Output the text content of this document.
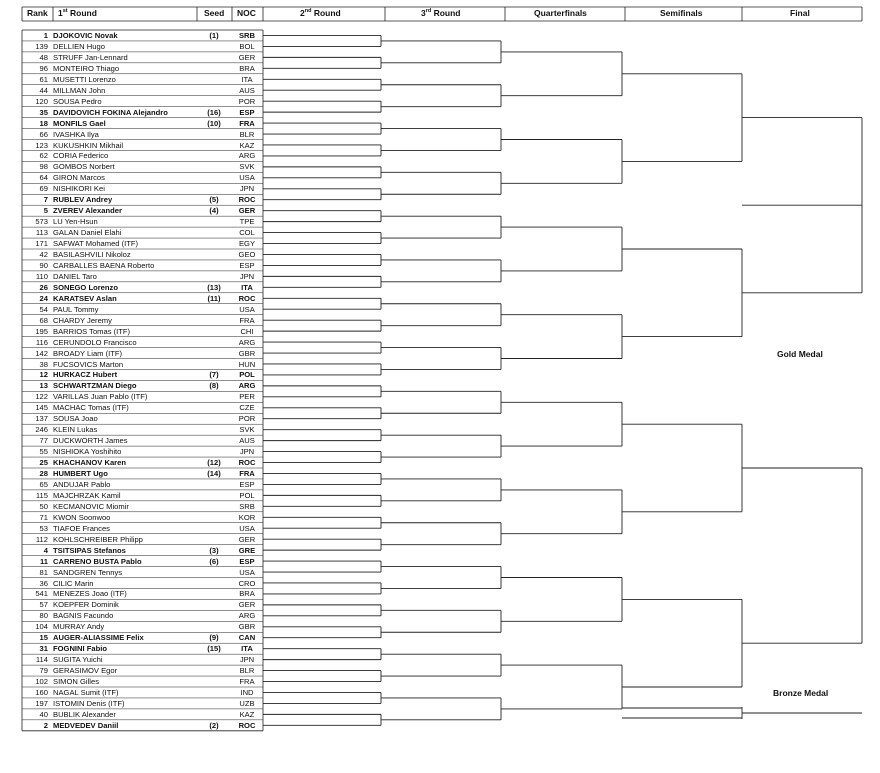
Rank 1st Round	Seed NOC	2nd Round	3rd Round	Quarterfinals	Semifinals	Final
1 DJOKOVIC Novak	(1)	SRB
139 DELLIEN Hugo	BOL
48 STRUFF Jan-Lennard	GER
96 MONTEIRO Thiago	BRA
61 MUSETTI Lorenzo	ITA
44 MILLMAN John	AUS
120 SOUSA Pedro	POR
35 DAVIDOVICH FOKINA Alejandro	(16)	ESP
18 MONFILS Gael	(10)	FRA
66 IVASHKA Ilya	BLR
123 KUKUSHKIN Mikhail	KAZ
62 CORIA Federico	ARG
98 GOMBOS Norbert	SVK
64 GIRON Marcos	USA
69 NISHIKORI Kei	JPN
7 RUBLEV Andrey	(5)	ROC
5 ZVEREV Alexander	(4)	GER
573 LU Yen-Hsun	TPE
113 GALAN Daniel Elahi	COL
171 SAFWAT Mohamed (ITF)	EGY
42 BASILASHVILI Nikoloz	GEO
90 CARBALLES BAENA Roberto	ESP
110 DANIEL Taro	JPN
26 SONEGO Lorenzo	(13)	ITA
24 KARATSEV Aslan	(11)	ROC
54 PAUL Tommy	USA
68 CHARDY Jeremy	FRA
195 BARRIOS Tomas (ITF)	CHI
116 CERUNDOLO Francisco	ARG
142 BROADY Liam (ITF)	GBR
38 FUCSOVICS Marton	HUN
12 HURKACZ Hubert	(7)	POL
13 SCHWARTZMAN Diego	(8)	ARG
122 VARILLAS Juan Pablo (ITF)	PER
145 MACHAC Tomas (ITF)	CZE
137 SOUSA Joao	POR
246 KLEIN Lukas	SVK
77 DUCKWORTH James	AUS
55 NISHIOKA Yoshihito	JPN
25 KHACHANOV Karen	(12)	ROC
28 HUMBERT Ugo	(14)	FRA
65 ANDUJAR Pablo	ESP
115 MAJCHRZAK Kamil	POL
50 KECMANOVIC Miomir	SRB
71 KWON Soonwoo	KOR
53 TIAFOE Frances	USA
112 KOHLSCHREIBER Philipp	GER
4 TSITSIPAS Stefanos	(3)	GRE
11 CARRENO BUSTA Pablo	(6)	ESP
81 SANDGREN Tennys	USA
36 CILIC Marin	CRO
541 MENEZES Joao (ITF)	BRA
57 KOEPFER Dominik	GER
80 BAGNIS Facundo	ARG
104 MURRAY Andy	GBR
15 AUGER-ALIASSIME Felix	(9)	CAN
31 FOGNINI Fabio	(15)	ITA
114 SUGITA Yuichi	JPN
79 GERASIMOV Egor	BLR
102 SIMON Gilles	FRA
160 NAGAL Sumit (ITF)	IND
197 ISTOMIN Denis (ITF)	UZB
40 BUBLIK Alexander	KAZ
2 MEDVEDEV Daniil	(2)	ROC
Gold Medal
Bronze Medal
